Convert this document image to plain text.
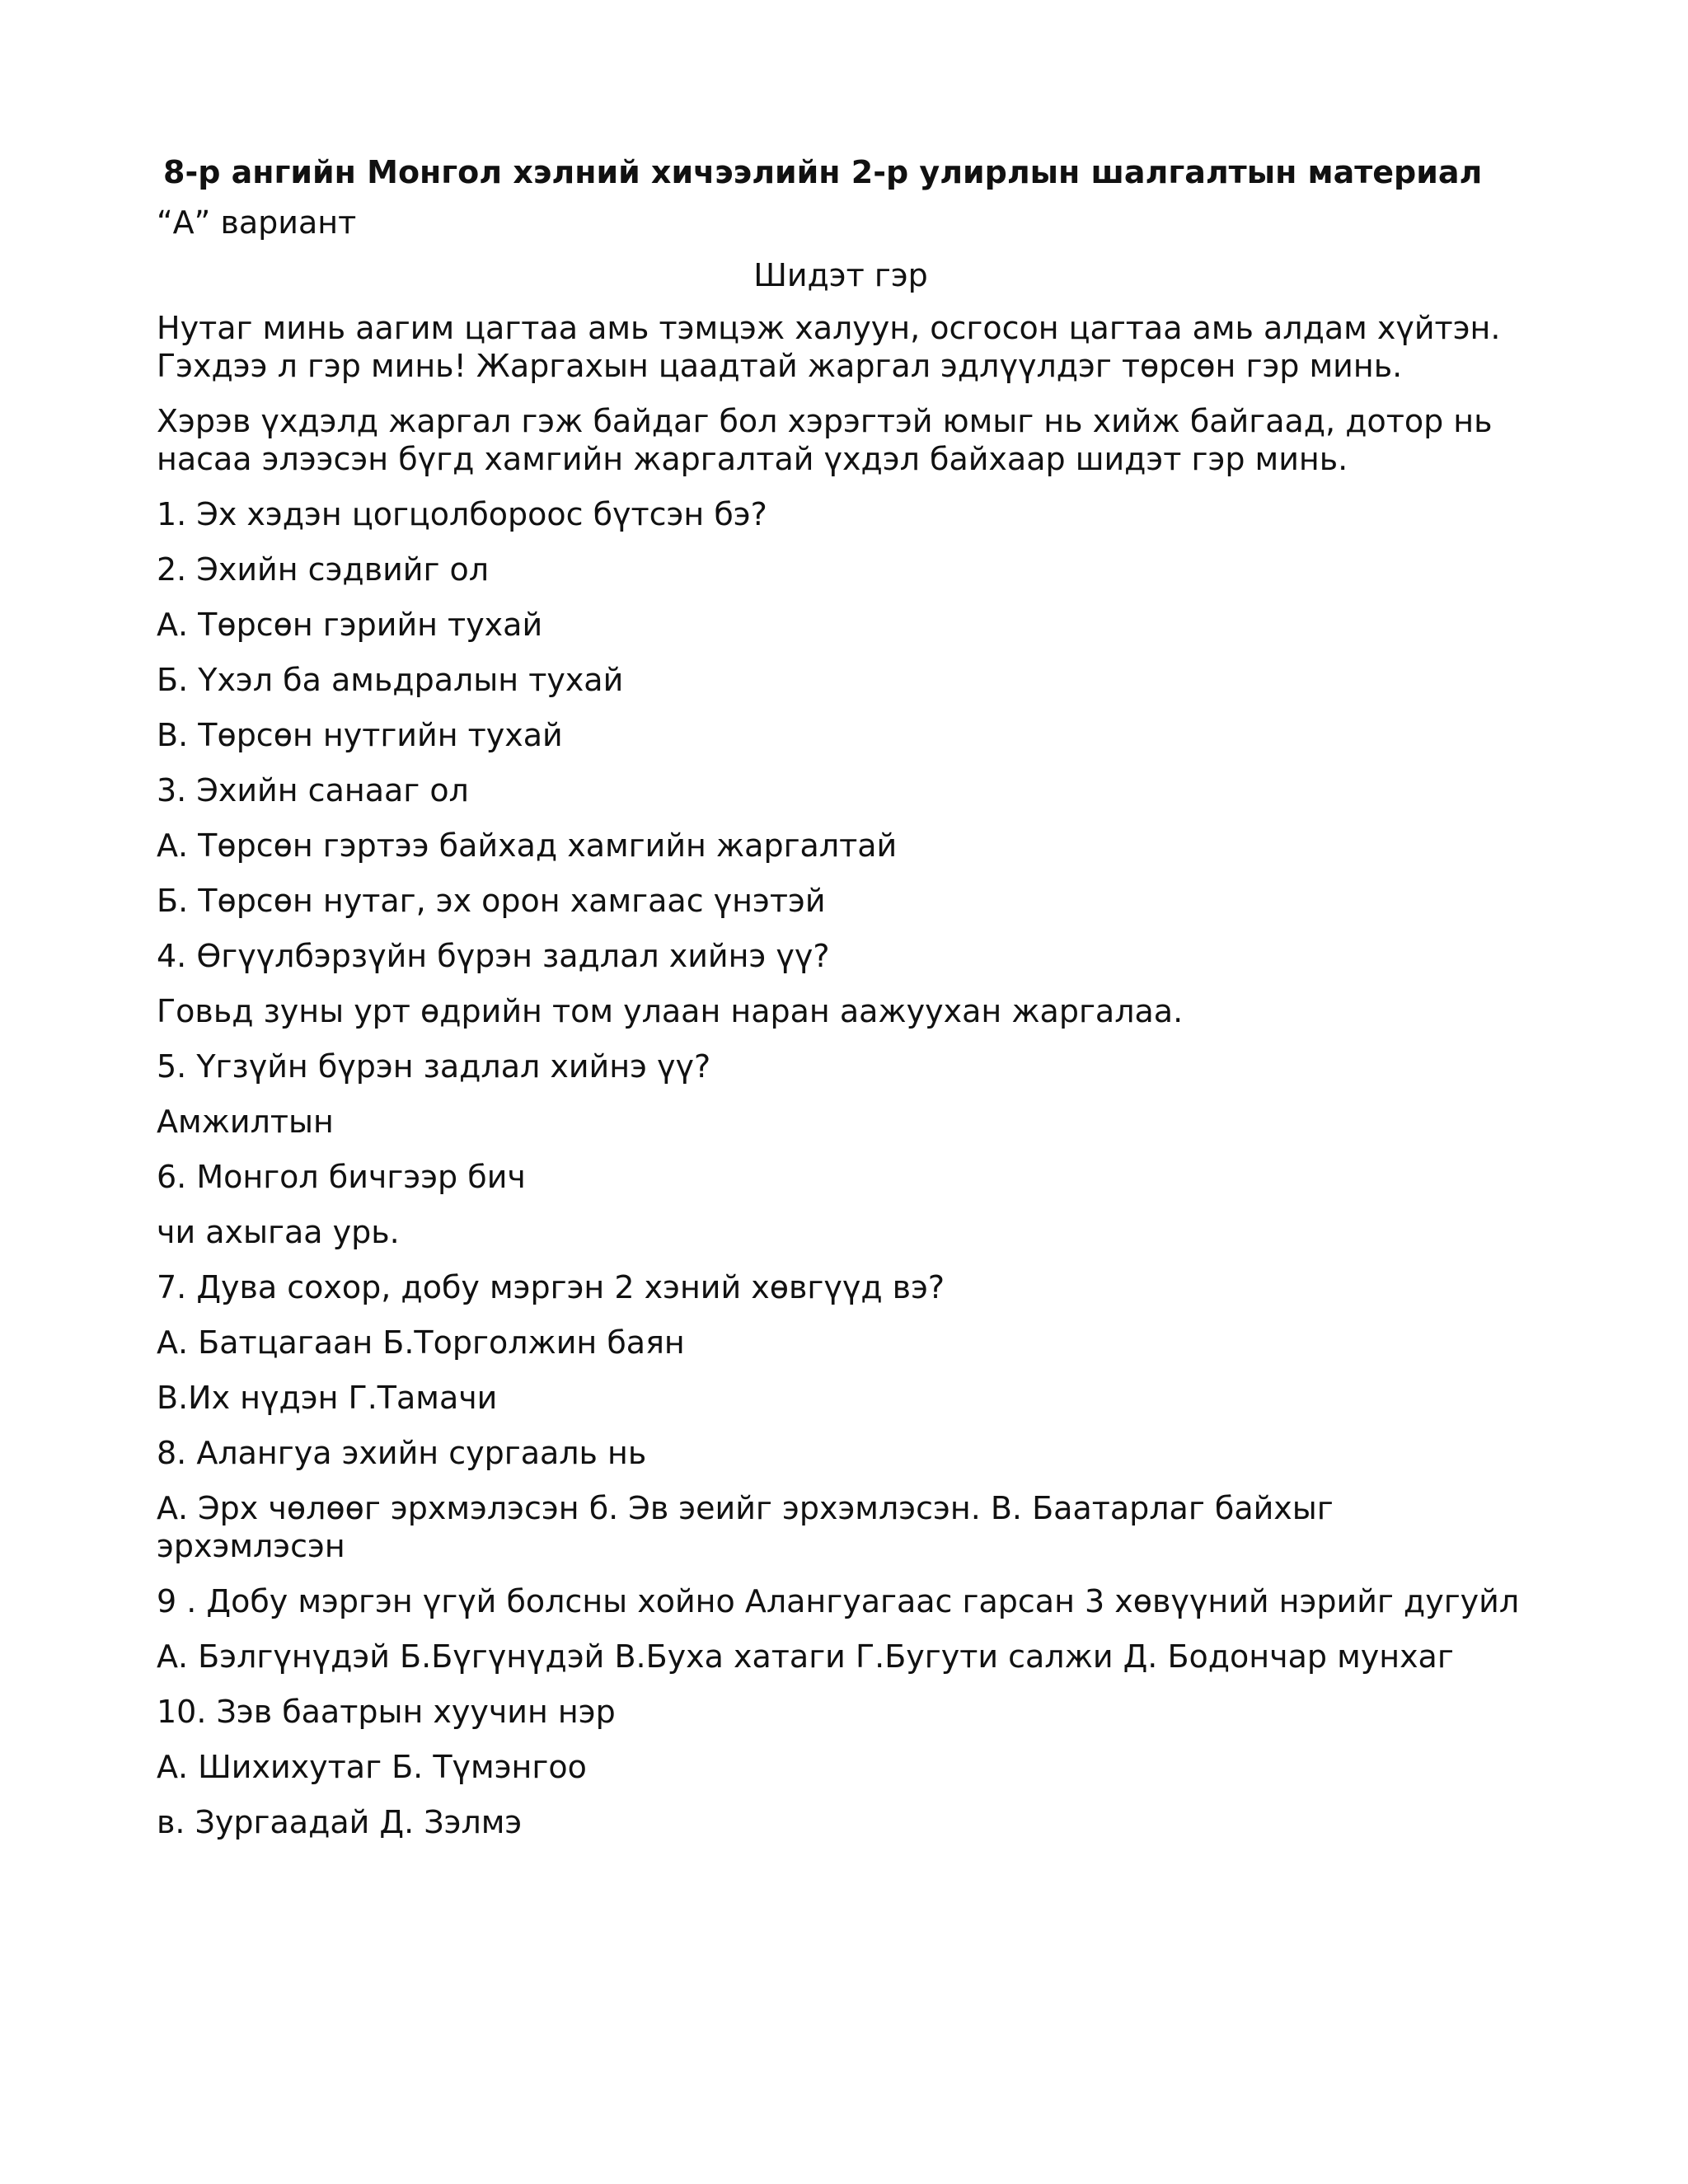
8-р ангийн Монгол хэлний хичээлийн 2-р улирлын шалгалтын материал
“А” вариант
Шидэт гэр
Нутаг минь аагим цагтаа амь тэмцэж халуун, осгосон цагтаа амь алдам хүйтэн. Гэхдээ л гэр минь! Жаргахын цаадтай жаргал эдлүүлдэг төрсөн гэр минь.
Хэрэв үхдэлд жаргал гэж байдаг бол хэрэгтэй юмыг нь хийж байгаад, дотор нь насаа элээсэн бүгд хамгийн жаргалтай үхдэл байхаар шидэт гэр минь.
1. Эх хэдэн цогцолбороос бүтсэн бэ?
2. Эхийн сэдвийг ол
А. Төрсөн гэрийн тухай
Б. Үхэл ба амьдралын тухай
В. Төрсөн нутгийн тухай
3. Эхийн санааг ол
А. Төрсөн гэртээ байхад хамгийн жаргалтай
Б. Төрсөн нутаг, эх орон хамгаас үнэтэй
4. Өгүүлбэрзүйн бүрэн задлал хийнэ үү?
Говьд зуны урт өдрийн том улаан наран аажуухан жаргалаа.
5. Үгзүйн бүрэн задлал хийнэ үү?
Амжилтын
6. Монгол бичгээр бич
чи ахыгаа урь.
7. Дува сохор, добу мэргэн 2 хэний хөвгүүд вэ?
А. Батцагаан Б.Торголжин баян
В.Их нүдэн Г.Тамачи
8. Алангуа эхийн сургааль нь
А. Эрх чөлөөг эрхмэлэсэн б. Эв эеийг эрхэмлэсэн. В. Баатарлаг байхыг эрхэмлэсэн
9 . Добу мэргэн үгүй болсны хойно Алангуагаас гарсан 3 хөвүүний нэрийг дугуйл
А. Бэлгүнүдэй Б.Бүгүнүдэй В.Буха хатаги Г.Бугути салжи Д. Бодончар мунхаг
10. Зэв баатрын хуучин нэр
А. Шихихутаг Б. Түмэнгоо
в. Зургаадай Д. Зэлмэ
